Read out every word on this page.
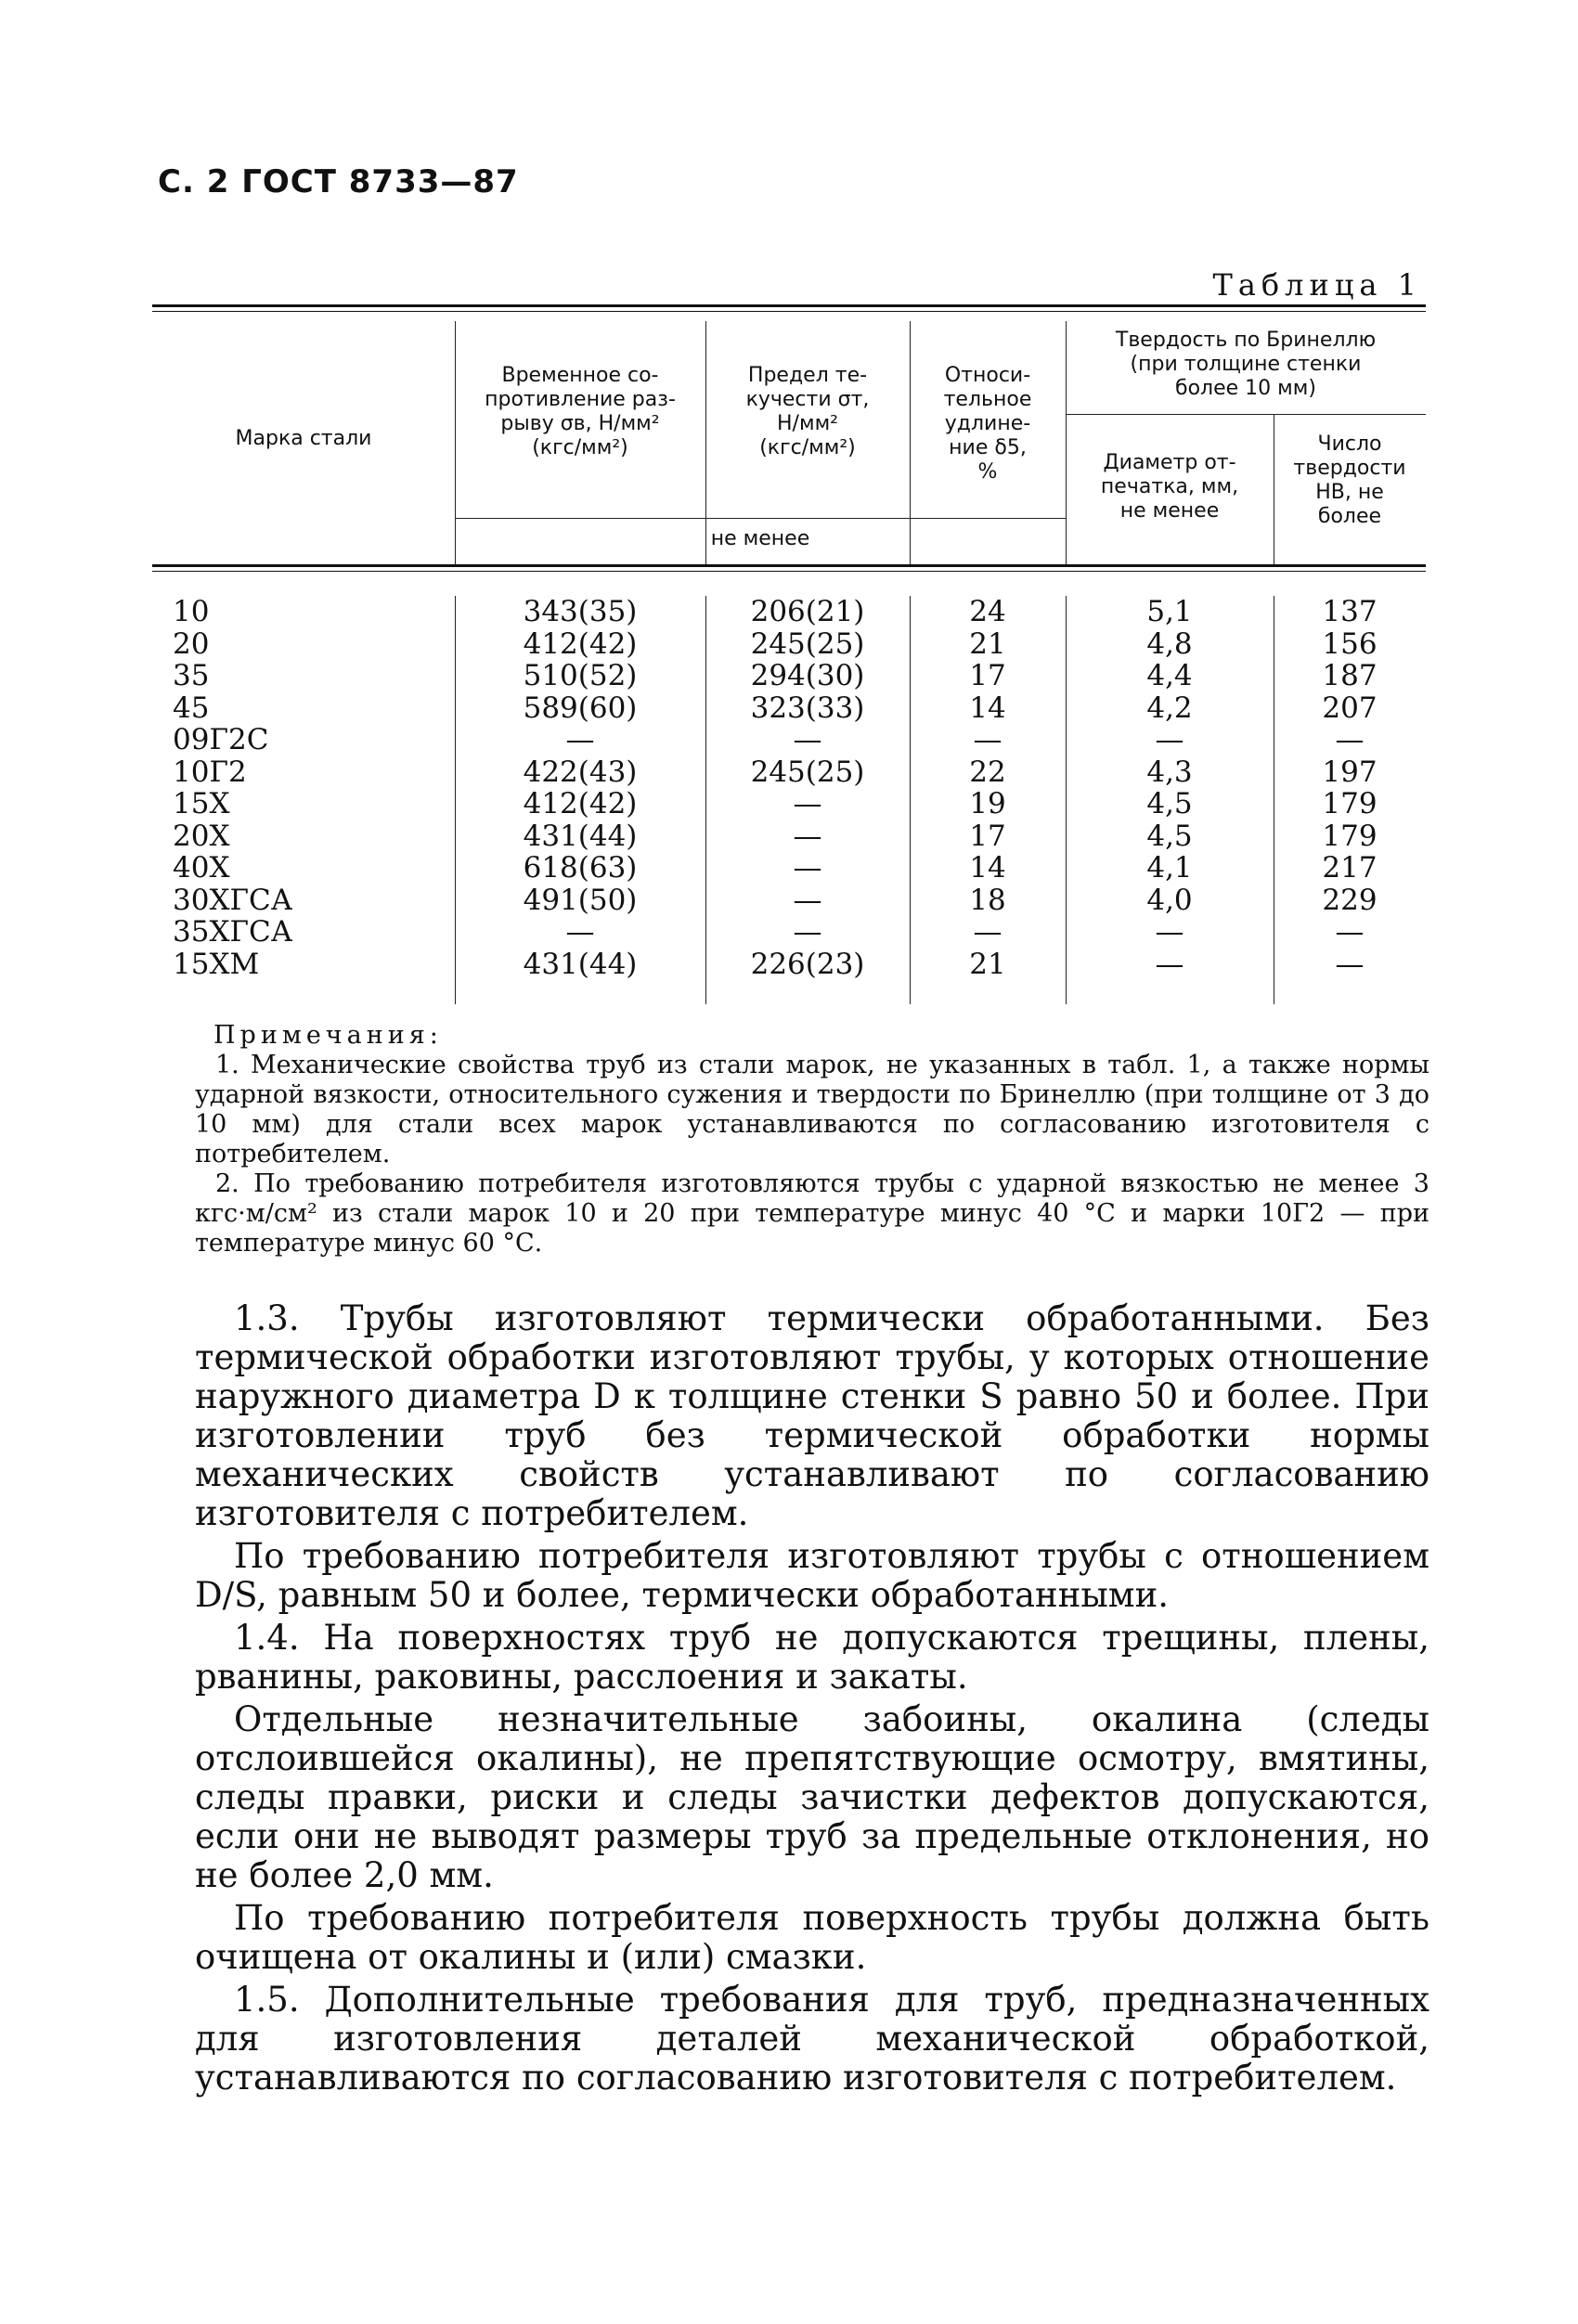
С. 2 ГОСТ 8733—87
Таблица 1
Марка стали
Временное со-
противление раз-
рыву σв, Н/мм²
(кгс/мм²)
Предел те-
кучести σт,
Н/мм²
(кгс/мм²)
Относи-
тельное
удлине-
ние δ5,
%
Твердость по Бринеллю
(при толщине стенки
более 10 мм)
Диаметр от-
печатка, мм,
не менее
Число
твердости
НВ, не
более
не менее
10
20
35
45
09Г2С
10Г2
15Х
20Х
40Х
30ХГСА
35ХГСА
15ХМ
343(35)
412(42)
510(52)
589(60)
—
422(43)
412(42)
431(44)
618(63)
491(50)
—
431(44)
206(21)
245(25)
294(30)
323(33)
—
245(25)
—
—
—
—
—
226(23)
24
21
17
14
—
22
19
17
14
18
—
21
5,1
4,8
4,4
4,2
—
4,3
4,5
4,5
4,1
4,0
—
—
137
156
187
207
—
197
179
179
217
229
—
—
Примечания:

1. Механические свойства труб из стали марок, не указанных в табл. 1, а также нормы ударной вязкости, относительного сужения и твердости по Бринеллю (при толщине от 3 до 10 мм) для стали всех марок устанавливаются по согласованию изготовителя с потребителем.

2. По требованию потребителя изготовляются трубы с ударной вязкостью не менее 3 кгс·м/см² из стали марок 10 и 20 при температуре минус 40 °С и марки 10Г2 — при температуре минус 60 °С.

1.3. Трубы изготовляют термически обработанными. Без термической обработки изготовляют трубы, у которых отношение наружного диаметра D к толщине стенки S равно 50 и более. При изготовлении труб без термической обработки нормы механических свойств устанавливают по согласованию изготовителя с потребителем.

По требованию потребителя изготовляют трубы с отношением D/S, равным 50 и более, термически обработанными.

1.4. На поверхностях труб не допускаются трещины, плены, рванины, раковины, расслоения и закаты.

Отдельные незначительные забоины, окалина (следы отслоившейся окалины), не препятствующие осмотру, вмятины, следы правки, риски и следы зачистки дефектов допускаются, если они не выводят размеры труб за предельные отклонения, но не более 2,0 мм.

По требованию потребителя поверхность трубы должна быть очищена от окалины и (или) смазки.

1.5. Дополнительные требования для труб, предназначенных для изготовления деталей механической обработкой, устанавливаются по согласованию изготовителя с потребителем.
